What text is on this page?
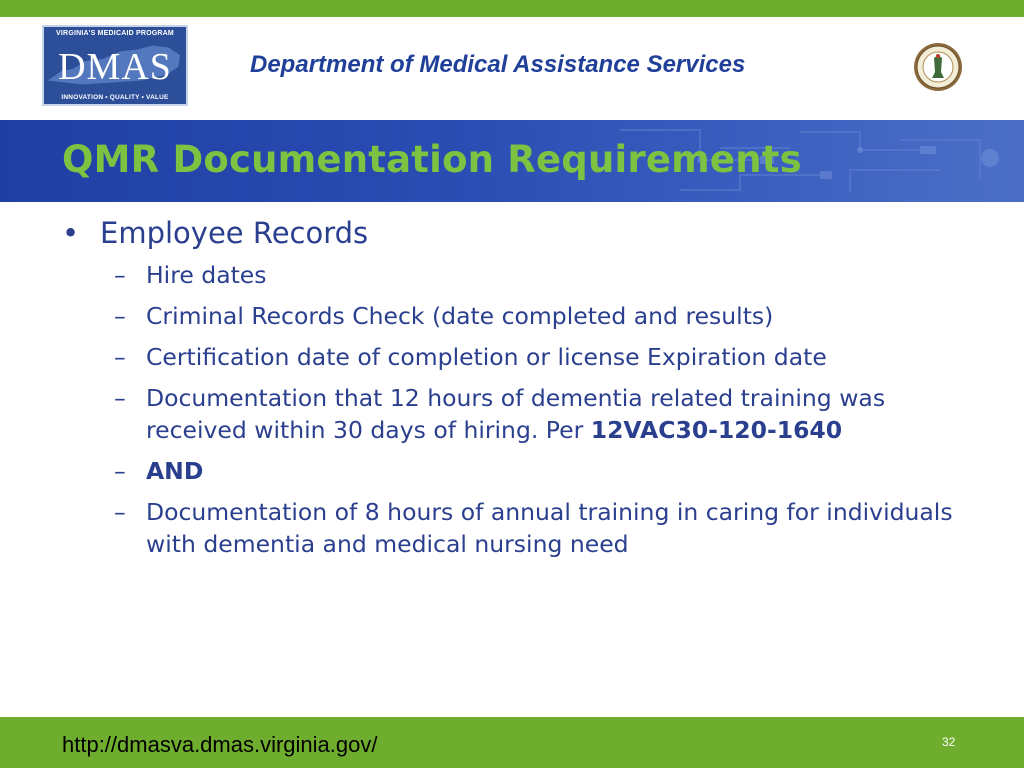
VIRGINIA'S MEDICAID PROGRAM
DMAS
INNOVATION • QUALITY • VALUE
Department of Medical Assistance Services
QMR Documentation Requirements
• Employee Records
– Hire dates
– Criminal Records Check (date completed and results)
– Certification date of completion or license Expiration date
– Documentation that 12 hours of dementia related training was received within 30 days of hiring. Per 12VAC30-120-1640
– AND
– Documentation of 8 hours of annual training in caring for individuals with dementia and medical nursing need
http://dmasva.dmas.virginia.gov/	32
